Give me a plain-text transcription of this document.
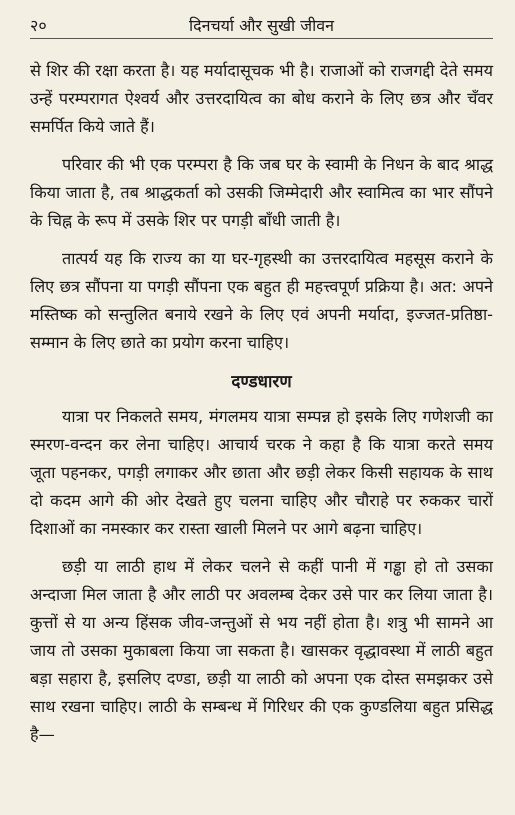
२०	दिनचर्या और सुखी जीवन

से शिर की रक्षा करता है। यह मर्यादासूचक भी है। राजाओं को राजगद्दी देते समय उन्हें परम्परागत ऐश्वर्य और उत्तरदायित्व का बोध कराने के लिए छत्र और चँवर समर्पित किये जाते हैं।

परिवार की भी एक परम्परा है कि जब घर के स्वामी के निधन के बाद श्राद्ध किया जाता है, तब श्राद्धकर्ता को उसकी जिम्मेदारी और स्वामित्व का भार सौंपने के चिह्न के रूप में उसके शिर पर पगड़ी बाँधी जाती है।

तात्पर्य यह कि राज्य का या घर-गृहस्थी का उत्तरदायित्व महसूस कराने के लिए छत्र सौंपना या पगड़ी सौंपना एक बहुत ही महत्त्वपूर्ण प्रक्रिया है। अत: अपने मस्तिष्क को सन्तुलित बनाये रखने के लिए एवं अपनी मर्यादा, इज्जत-प्रतिष्ठा-सम्मान के लिए छाते का प्रयोग करना चाहिए।

दण्डधारण

यात्रा पर निकलते समय, मंगलमय यात्रा सम्पन्न हो इसके लिए गणेशजी का स्मरण-वन्दन कर लेना चाहिए। आचार्य चरक ने कहा है कि यात्रा करते समय जूता पहनकर, पगड़ी लगाकर और छाता और छड़ी लेकर किसी सहायक के साथ दो कदम आगे की ओर देखते हुए चलना चाहिए और चौराहे पर रुककर चारों दिशाओं का नमस्कार कर रास्ता खाली मिलने पर आगे बढ़ना चाहिए।

छड़ी या लाठी हाथ में लेकर चलने से कहीं पानी में गड्ढा हो तो उसका अन्दाजा मिल जाता है और लाठी पर अवलम्ब देकर उसे पार कर लिया जाता है। कुत्तों से या अन्य हिंसक जीव-जन्तुओं से भय नहीं होता है। शत्रु भी सामने आ जाय तो उसका मुकाबला किया जा सकता है। खासकर वृद्धावस्था में लाठी बहुत बड़ा सहारा है, इसलिए दण्डा, छड़ी या लाठी को अपना एक दोस्त समझकर उसे साथ रखना चाहिए। लाठी के सम्बन्ध में गिरिधर की एक कुण्डलिया बहुत प्रसिद्ध है—
